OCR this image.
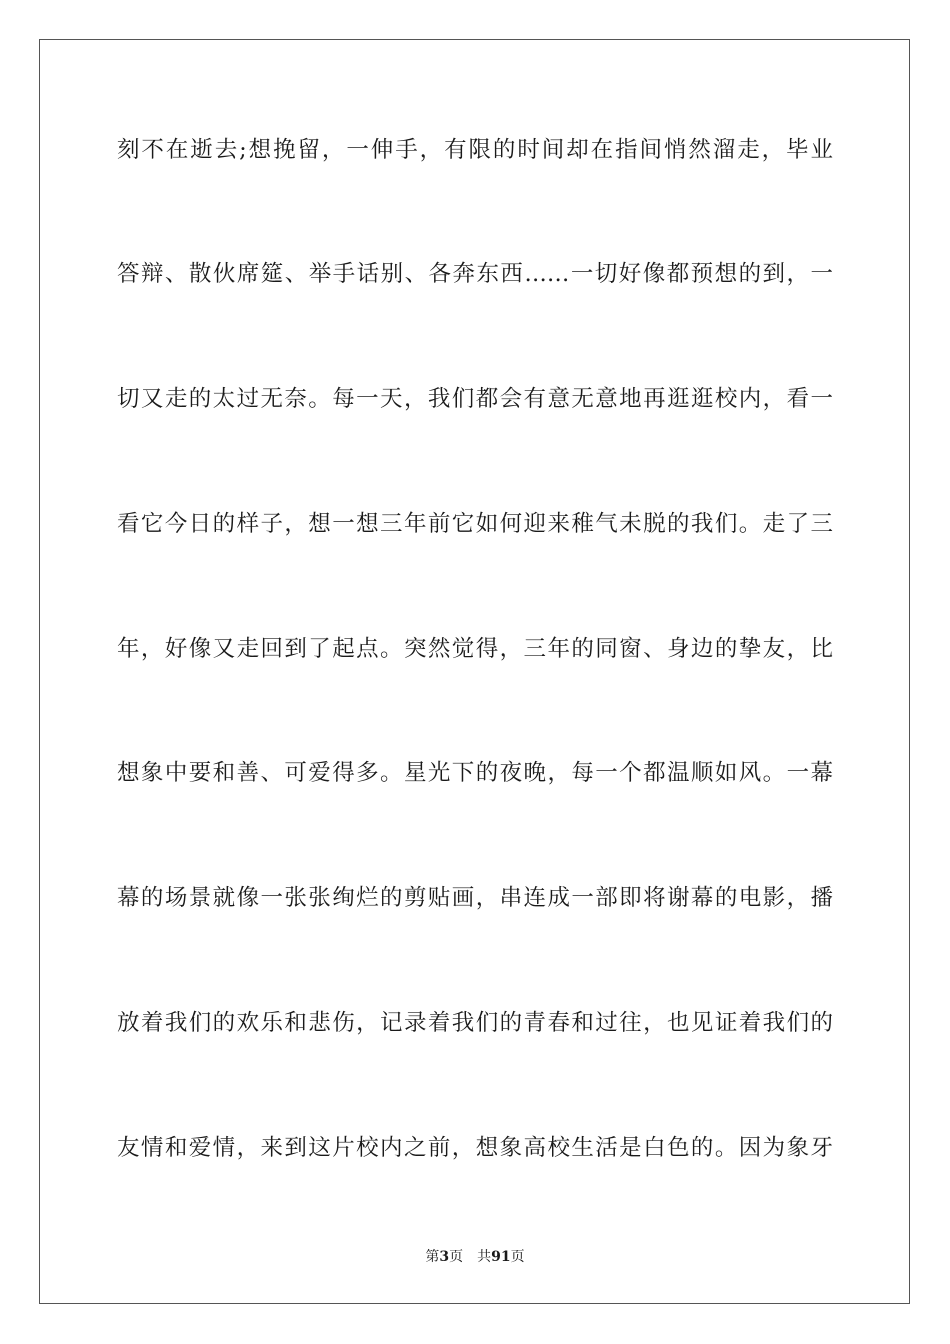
刻不在逝去;想挽留，一伸手，有限的时间却在指间悄然溜走，毕业

答辩、散伙席筵、举手话别、各奔东西……一切好像都预想的到，一

切又走的太过无奈。每一天，我们都会有意无意地再逛逛校内，看一

看它今日的样子，想一想三年前它如何迎来稚气未脱的我们。走了三

年，好像又走回到了起点。突然觉得，三年的同窗、身边的挚友，比

想象中要和善、可爱得多。星光下的夜晚，每一个都温顺如风。一幕

幕的场景就像一张张绚烂的剪贴画，串连成一部即将谢幕的电影，播

放着我们的欢乐和悲伤，记录着我们的青春和过往，也见证着我们的

友情和爱情，来到这片校内之前，想象高校生活是白色的。因为象牙

第3页 共91页
